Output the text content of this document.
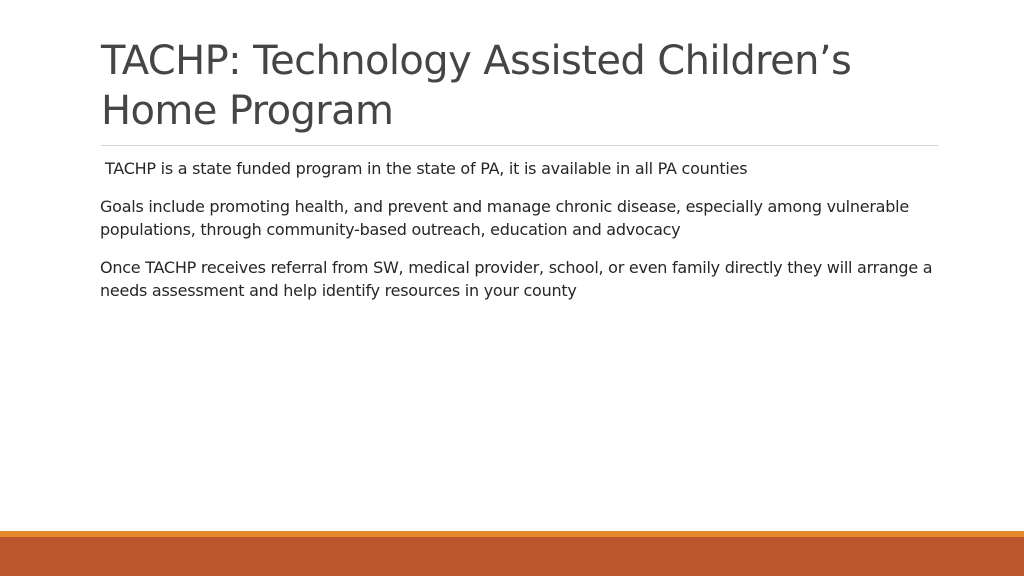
TACHP: Technology Assisted Children’s Home Program

TACHP is a state funded program in the state of PA, it is available in all PA counties

Goals include promoting health, and prevent and manage chronic disease, especially among vulnerable populations, through community-based outreach, education and advocacy

Once TACHP receives referral from SW, medical provider, school, or even family directly they will arrange a needs assessment and help identify resources in your county
